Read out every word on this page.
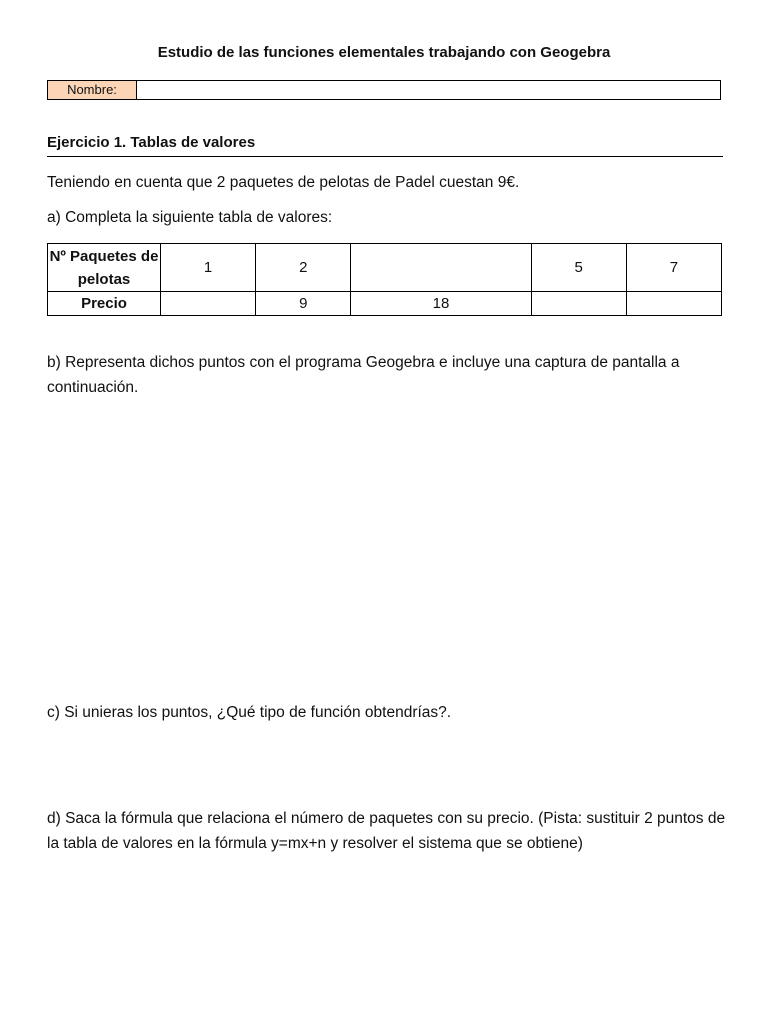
Estudio de las funciones elementales trabajando con Geogebra
Nombre:
Ejercicio 1. Tablas de valores
Teniendo en cuenta que 2 paquetes de pelotas de Padel cuestan 9€.
a) Completa la siguiente tabla de valores:
Nº Paquetes de pelotas	1	2		5	7
Precio		9	18		
b) Representa dichos puntos con el programa Geogebra e incluye una captura de pantalla a continuación.
c) Si unieras los puntos, ¿Qué tipo de función obtendrías?.
d) Saca la fórmula que relaciona el número de paquetes con su precio. (Pista: sustituir 2 puntos de la tabla de valores en la fórmula y=mx+n y resolver el sistema que se obtiene)
